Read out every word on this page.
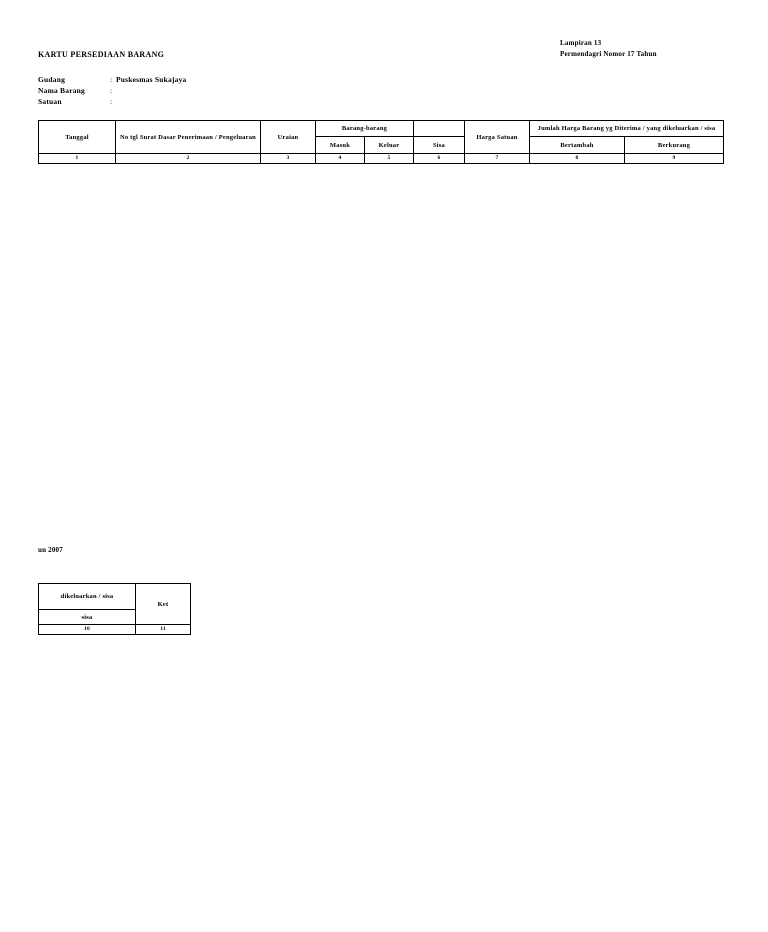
Lampiran 13
Permendagri Nomor 17 Tahun
KARTU PERSEDIAAN BARANG
Gudang	: Puskesmas Sukajaya
Nama Barang	:
Satuan	:
Tanggal	No tgl Surat Dasar Penerimaan / Pengeluaran	Uraian	Barang-barang			Harga Satuan	Jumlah Harga Barang yg Diterima / yang dikeluarkan / sisa	
			Masuk	Keluar	Sisa		Bertambah	Berkurang
1	2	3	4	5	6	7	8	9
un 2007
dikeluarkan / sisa	Ket
sisa	
10	11
